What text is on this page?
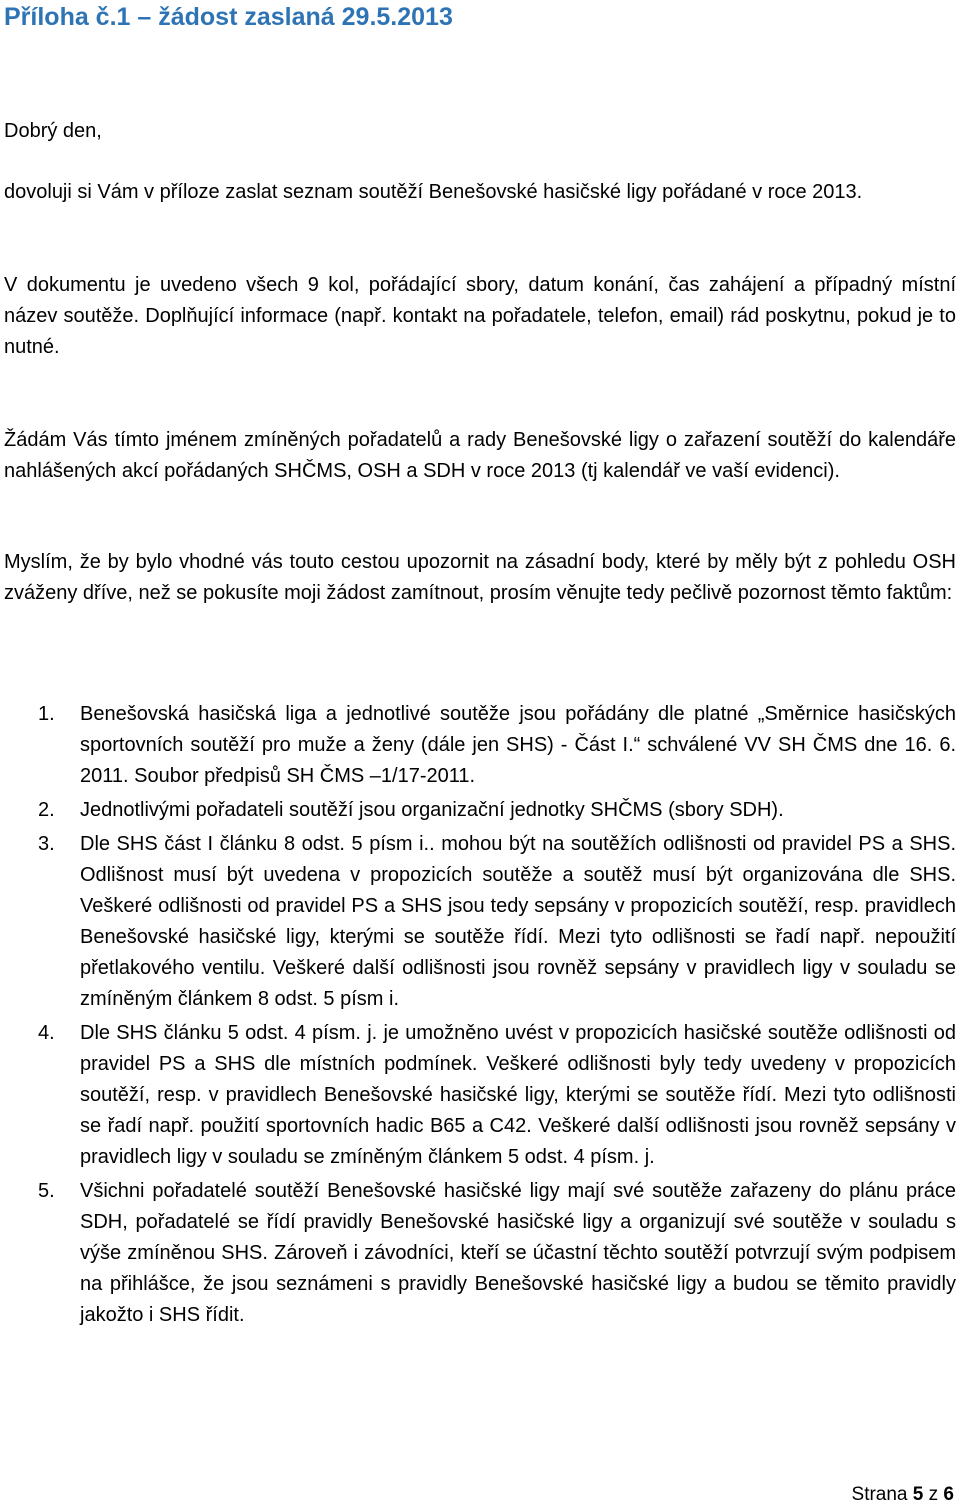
Příloha č.1 – žádost zaslaná 29.5.2013
Dobrý den,
dovoluji si Vám v příloze zaslat seznam soutěží Benešovské hasičské ligy pořádané v roce 2013.
V dokumentu je uvedeno všech 9 kol, pořádající sbory, datum konání, čas zahájení a případný místní název soutěže. Doplňující informace (např. kontakt na pořadatele, telefon, email) rád poskytnu, pokud je to nutné.
Žádám Vás tímto jménem zmíněných pořadatelů a rady Benešovské ligy o zařazení soutěží do kalendáře nahlášených akcí pořádaných SHČMS, OSH a SDH v roce 2013 (tj kalendář ve vaší evidenci).
Myslím, že by bylo vhodné vás touto cestou upozornit na zásadní body, které by měly být z pohledu OSH zváženy dříve, než se pokusíte moji žádost zamítnout, prosím věnujte tedy pečlivě pozornost těmto faktům:
1.	Benešovská hasičská liga a jednotlivé soutěže jsou pořádány dle platné „Směrnice hasičských sportovních soutěží pro muže a ženy (dále jen SHS) - Část I.“ schválené VV SH ČMS dne 16. 6. 2011. Soubor předpisů SH ČMS –1/17-2011.
2.	Jednotlivými pořadateli soutěží jsou organizační jednotky SHČMS (sbory SDH).
3.	Dle SHS část I článku 8 odst. 5 písm i.. mohou být na soutěžích odlišnosti od pravidel PS a SHS. Odlišnost musí být uvedena v propozicích soutěže a soutěž musí být organizována dle SHS. Veškeré odlišnosti od pravidel PS a SHS jsou tedy sepsány v propozicích soutěží, resp. pravidlech Benešovské hasičské ligy, kterými se soutěže řídí. Mezi tyto odlišnosti se řadí např. nepoužití přetlakového ventilu. Veškeré další odlišnosti jsou rovněž sepsány v pravidlech ligy v souladu se zmíněným článkem 8 odst. 5 písm i.
4.	Dle SHS článku 5 odst. 4 písm. j. je umožněno uvést v propozicích hasičské soutěže odlišnosti od pravidel PS a SHS dle místních podmínek. Veškeré odlišnosti byly tedy uvedeny v propozicích soutěží, resp. v pravidlech Benešovské hasičské ligy, kterými se soutěže řídí. Mezi tyto odlišnosti se řadí např. použití sportovních hadic B65 a C42. Veškeré další odlišnosti jsou rovněž sepsány v pravidlech ligy v souladu se zmíněným článkem 5 odst. 4 písm. j.
5.	Všichni pořadatelé soutěží Benešovské hasičské ligy mají své soutěže zařazeny do plánu práce SDH, pořadatelé se řídí pravidly Benešovské hasičské ligy a organizují své soutěže v souladu s výše zmíněnou SHS. Zároveň i závodníci, kteří se účastní těchto soutěží potvrzují svým podpisem na přihlášce, že jsou seznámeni s pravidly Benešovské hasičské ligy a budou se těmito pravidly jakožto i SHS řídit.
Strana 5 z 6
